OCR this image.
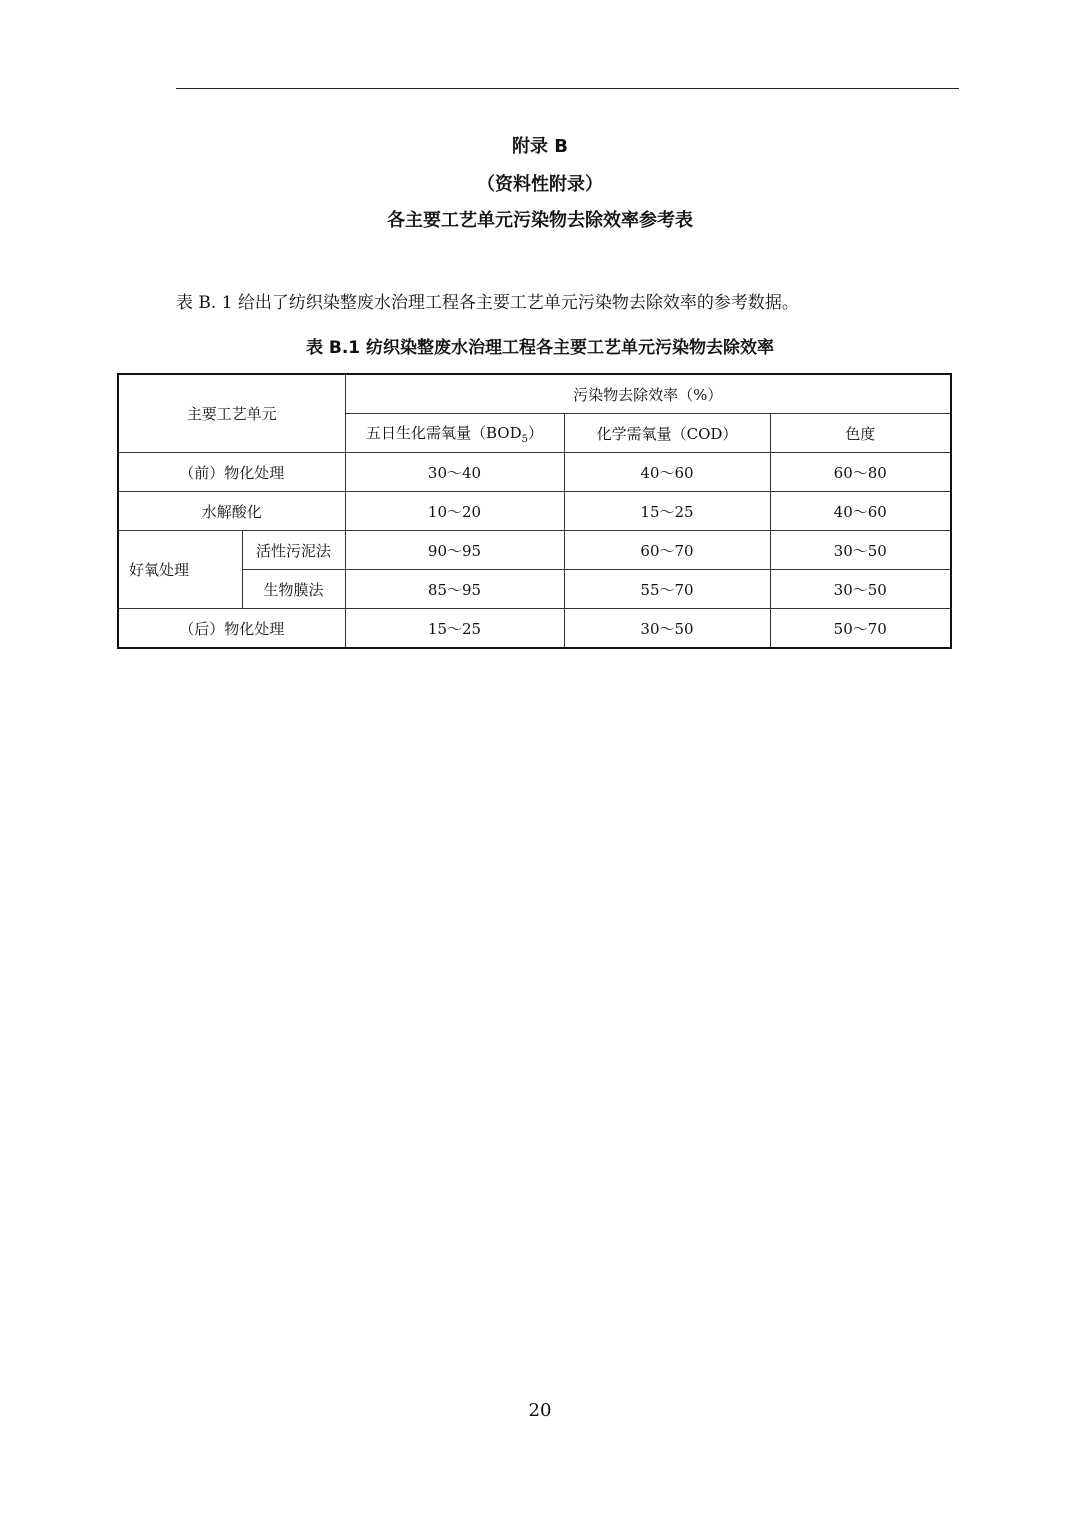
附录 B
（资料性附录）
各主要工艺单元污染物去除效率参考表
表 B. 1 给出了纺织染整废水治理工程各主要工艺单元污染物去除效率的参考数据。
表 B.1 纺织染整废水治理工程各主要工艺单元污染物去除效率
主要工艺单元		污染物去除效率（%）		
		五日生化需氧量$(BOD_5)$	化学需氧量（COD）	色度
（前）物化处理		30～40	40～60	60～80
水解酸化		10～20	15～25	40～60
好氧处理	活性污泥法	90～95	60～70	30～50
	生物膜法	85～95	55～70	30～50
（后）物化处理		15～25	30～50	50～70
20
